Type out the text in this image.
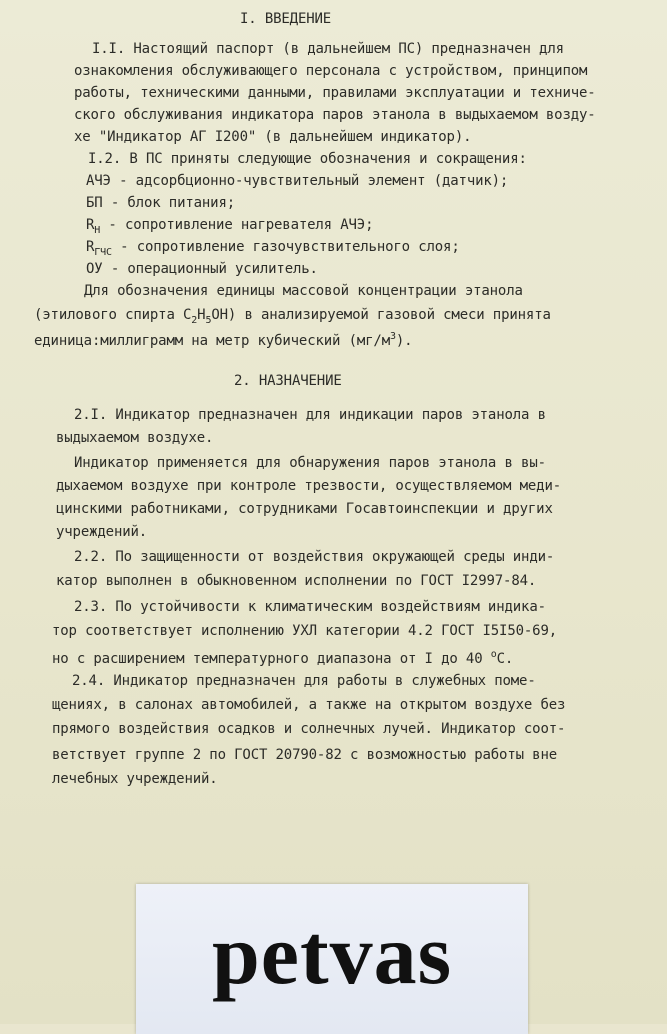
I. ВВЕДЕНИЕ
I.I. Настоящий паспорт (в дальнейшем ПС) предназначен для
ознакомления обслуживающего персонала с устройством, принципом
работы, техническими данными, правилами эксплуатации и техниче-
ского обслуживания индикатора паров этанола в выдыхаемом возду-
хе "Индикатор АГ I200" (в дальнейшем индикатор).
I.2. В ПС приняты следующие обозначения и сокращения:
АЧЭ - адсорбционно-чувствительный элемент (датчик);
БП - блок питания;
$R_Н$ - сопротивление нагревателя АЧЭ;
$R_{ГЧС}$ - сопротивление газочувствительного слоя;
ОУ - операционный усилитель.
Для обозначения единицы массовой концентрации этанола
(этилового спирта $C_2H_5OH$) в анализируемой газовой смеси принята
единица:миллиграмм на метр кубический $(мг/м^3)$.
2. НАЗНАЧЕНИЕ
2.I. Индикатор предназначен для индикации паров этанола в
выдыхаемом воздухе.
Индикатор применяется для обнаружения паров этанола в вы-
дыхаемом воздухе при контроле трезвости, осуществляемом меди-
цинскими работниками, сотрудниками Госавтоинспекции и других
учреждений.
2.2. По защищенности от воздействия окружающей среды инди-
катор выполнен в обыкновенном исполнении по ГОСТ I2997-84.
2.3. По устойчивости к климатическим воздействиям индика-
тор соответствует исполнению УХЛ категории 4.2 ГОСТ I5I50-69,
но с расширением температурного диапазона от I до 40 $^o$C.
2.4. Индикатор предназначен для работы в служебных поме-
щениях, в салонах автомобилей, а также на открытом воздухе без
прямого воздействия осадков и солнечных лучей. Индикатор соот-
ветствует группе 2 по ГОСТ 20790-82 с возможностью работы вне
лечебных учреждений.
petvas
